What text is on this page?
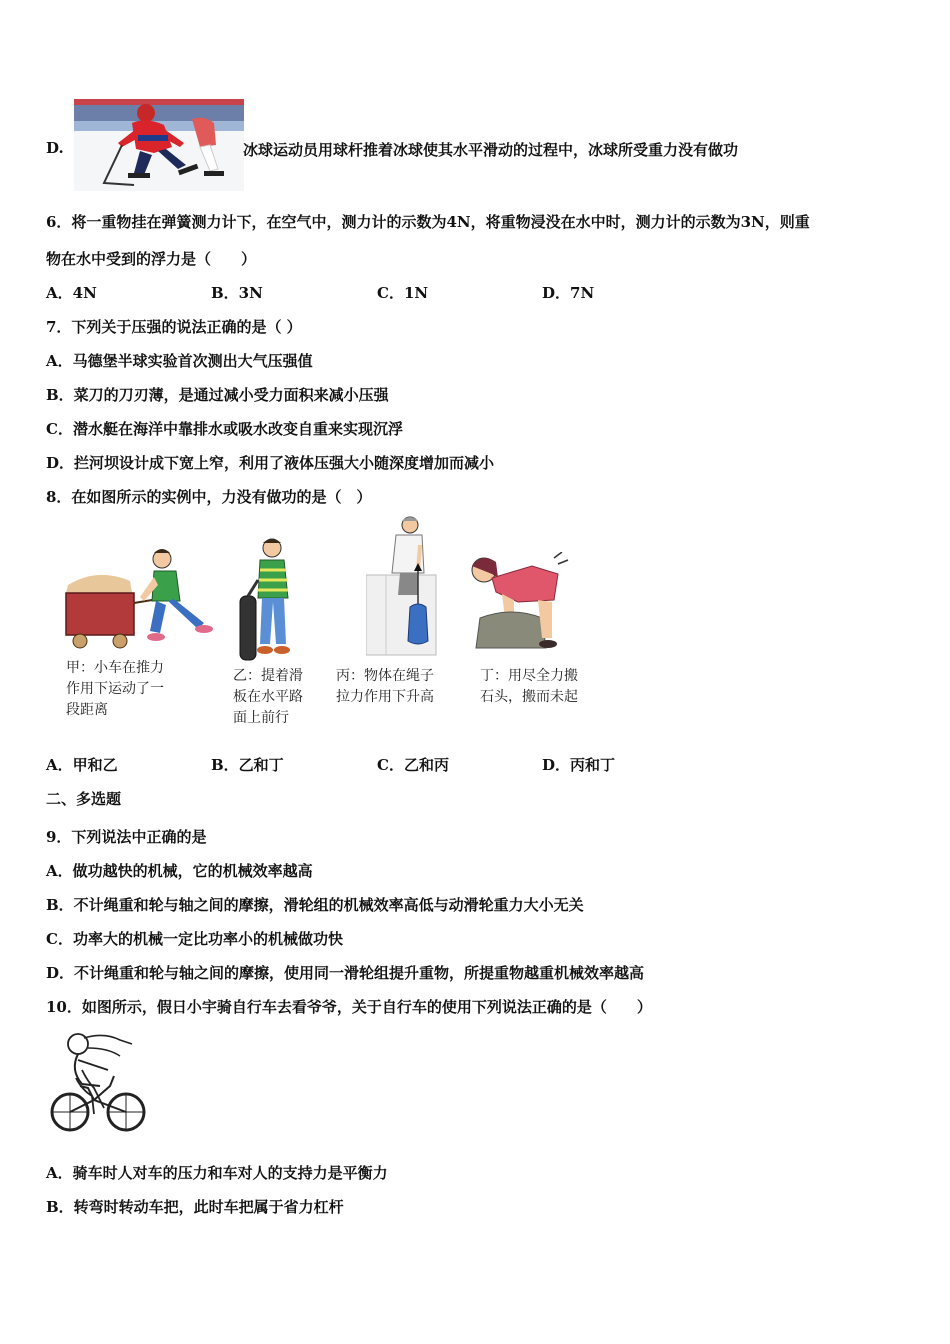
D.	冰球运动员用球杆推着冰球使其水平滑动的过程中，冰球所受重力没有做功
6．将一重物挂在弹簧测力计下，在空气中，测力计的示数为4N，将重物浸没在水中时，测力计的示数为3N，则重
物在水中受到的浮力是（　　）
A．4N	B．3N	C．1N	D．7N
7．下列关于压强的说法正确的是（ ）
A．马德堡半球实验首次测出大气压强值
B．菜刀的刀刃薄，是通过减小受力面积来减小压强
C．潜水艇在海洋中靠排水或吸水改变自重来实现沉浮
D．拦河坝设计成下宽上窄，利用了液体压强大小随深度增加而减小
8．在如图所示的实例中，力没有做功的是（　）
甲：小车在推力
作用下运动了一
段距离
乙：提着滑
板在水平路
面上前行
丙：物体在绳子
拉力作用下升高
丁：用尽全力搬
石头，搬而未起
A．甲和乙	B．乙和丁	C．乙和丙	D．丙和丁
二、多选题
9．下列说法中正确的是
A．做功越快的机械，它的机械效率越高
B．不计绳重和轮与轴之间的摩擦，滑轮组的机械效率高低与动滑轮重力大小无关
C．功率大的机械一定比功率小的机械做功快
D．不计绳重和轮与轴之间的摩擦，使用同一滑轮组提升重物，所提重物越重机械效率越高
10．如图所示，假日小宇骑自行车去看爷爷，关于自行车的使用下列说法正确的是（　　）
A．骑车时人对车的压力和车对人的支持力是平衡力
B．转弯时转动车把，此时车把属于省力杠杆
